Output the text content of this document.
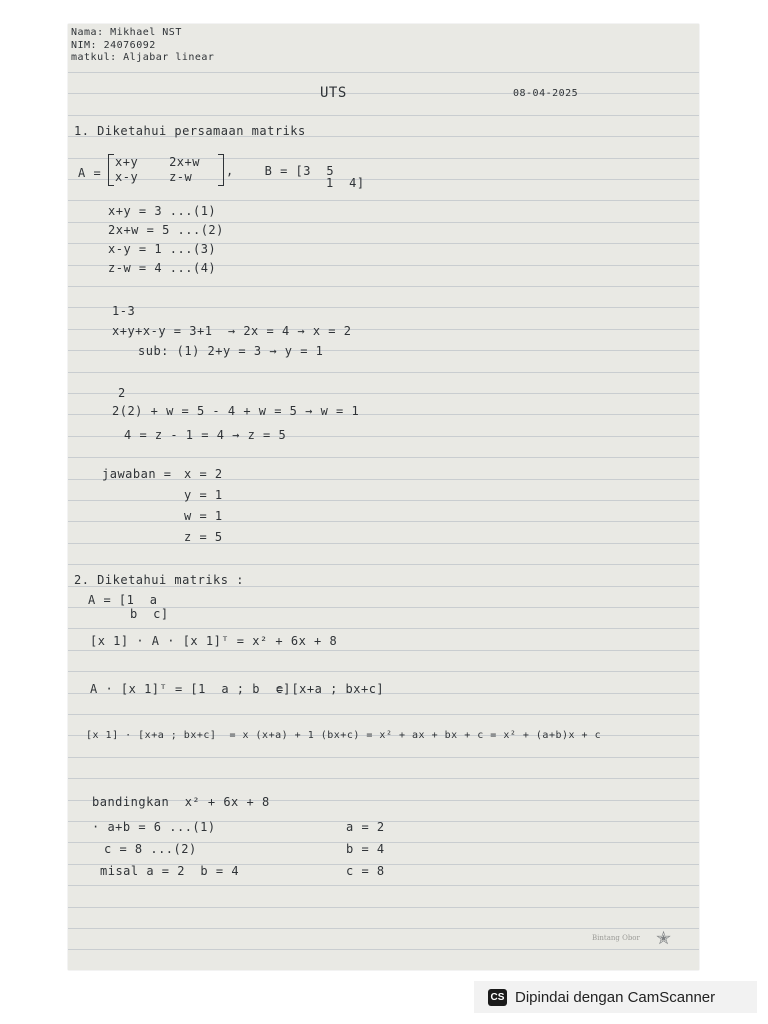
Nama: Mikhael NST
NIM: 24076092
matkul: Aljabar linear
UTS	08-04-2025
1. Diketahui persamaan matriks
A =
x+y    2x+w
x-y    z-w	,    B = [3  5
1  4]
x+y = 3 ...(1)
2x+w = 5 ...(2)
x-y = 1 ...(3)
z-w = 4 ...(4)
1-3
x+y+x-y = 3+1  → 2x = 4 → x = 2
sub: (1) 2+y = 3 → y = 1
2
2(2) + w = 5 - 4 + w = 5 → w = 1
4 = z - 1 = 4 → z = 5
jawaban = x = 2
y = 1
w = 1
z = 5
2. Diketahui matriks :
A = [1  a
b  c]
[x 1] · A · [x 1]ᵀ = x² + 6x + 8
A · [x 1]ᵀ = [1  a ; b  c]
= [x+a ; bx+c]
[x 1] · [x+a ; bx+c]  = x (x+a) + 1 (bx+c) = x² + ax + bx + c = x² + (a+b)x + c
bandingkan  x² + 6x + 8
· a+b = 6 ...(1)
c = 8 ...(2)
misal a = 2  b = 4
a = 2
b = 4
c = 8
Bintang Obor ✭
CS Dipindai dengan CamScanner
